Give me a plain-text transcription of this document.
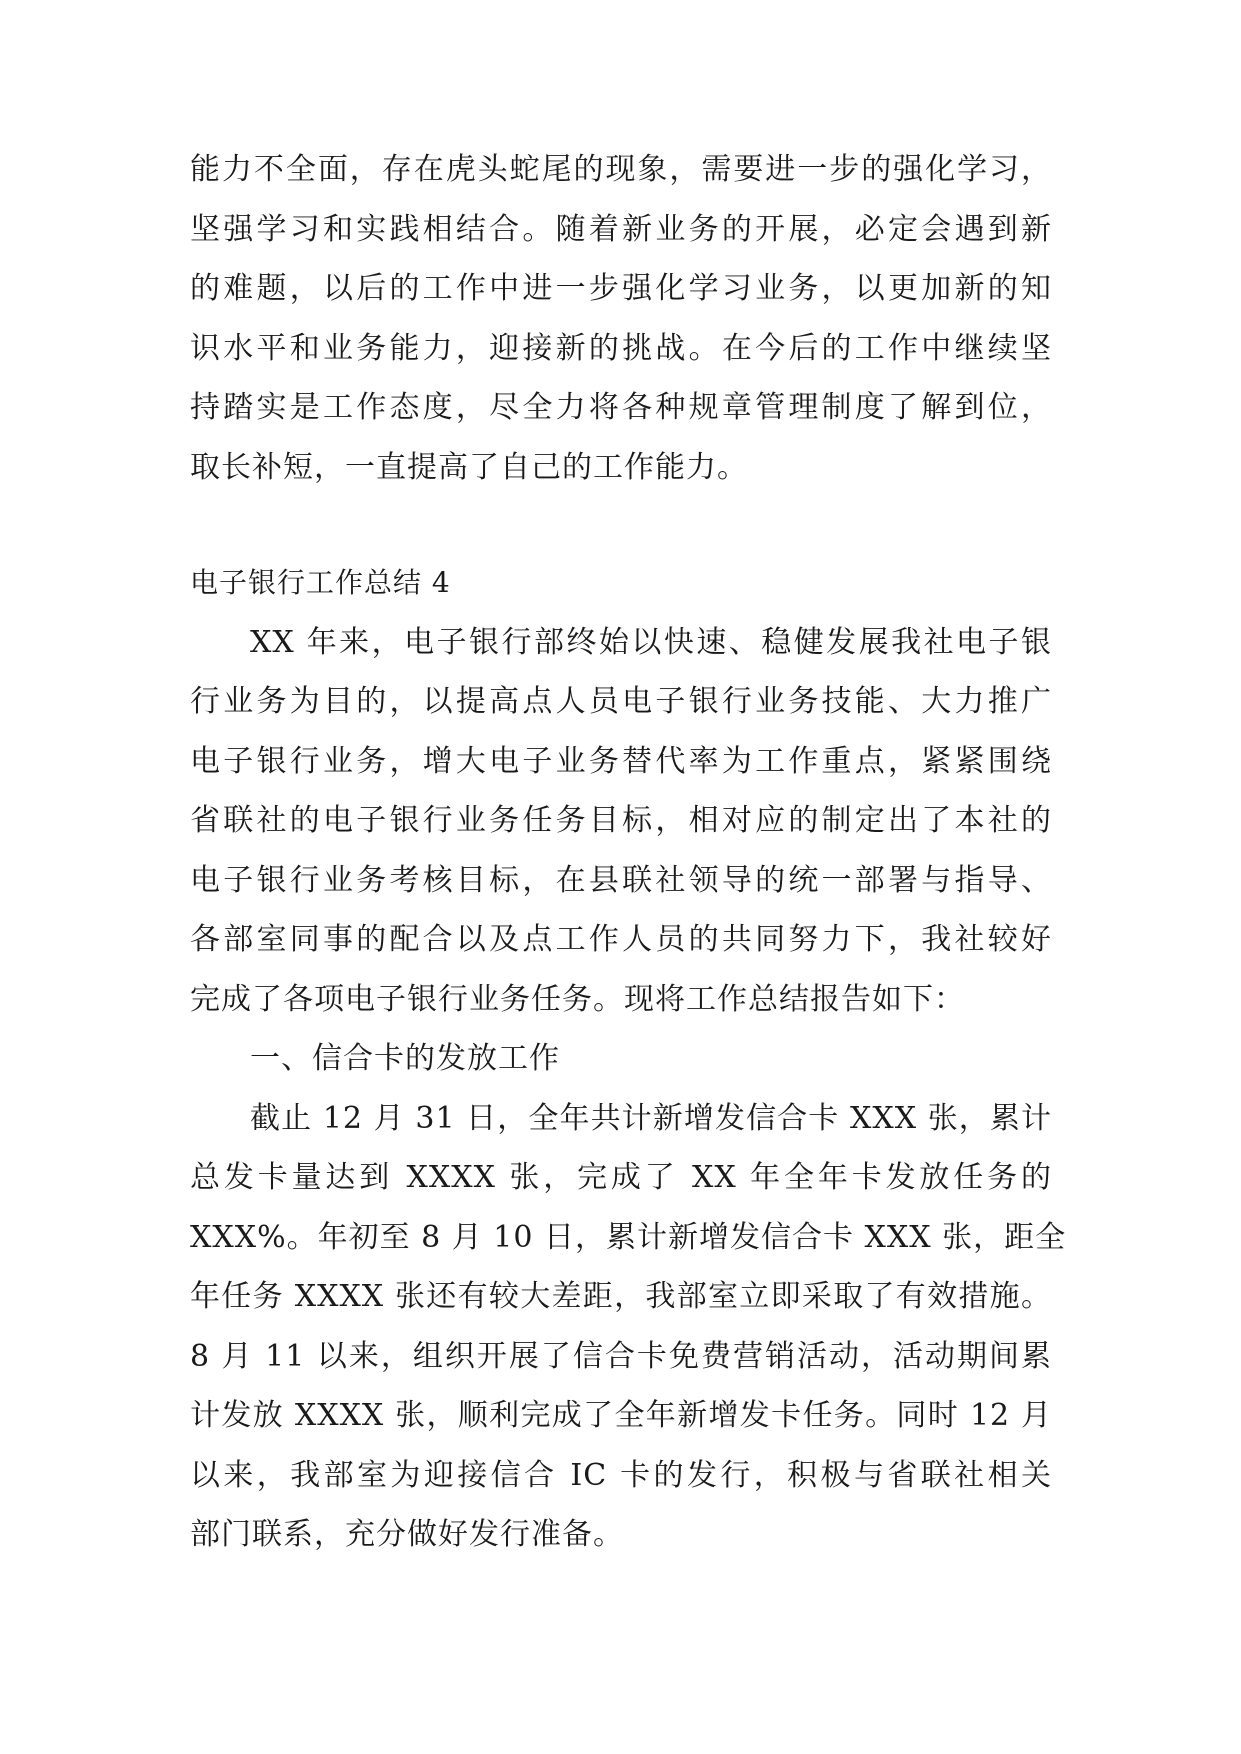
能力不全面，存在虎头蛇尾的现象，需要进一步的强化学习，
坚强学习和实践相结合。随着新业务的开展，必定会遇到新
的难题，以后的工作中进一步强化学习业务，以更加新的知
识水平和业务能力，迎接新的挑战。在今后的工作中继续坚
持踏实是工作态度，尽全力将各种规章管理制度了解到位，
取长补短，一直提高了自己的工作能力。

电子银行工作总结 4

XX 年来，电子银行部终始以快速、稳健发展我社电子银
行业务为目的，以提高点人员电子银行业务技能、大力推广
电子银行业务，增大电子业务替代率为工作重点，紧紧围绕
省联社的电子银行业务任务目标，相对应的制定出了本社的
电子银行业务考核目标，在县联社领导的统一部署与指导、
各部室同事的配合以及点工作人员的共同努力下，我社较好
完成了各项电子银行业务任务。现将工作总结报告如下：

一、信合卡的发放工作

截止 12 月 31 日，全年共计新增发信合卡 XXX 张，累计
总发卡量达到 XXXX 张，完成了 XX 年全年卡发放任务的
XXX%。年初至 8 月 10 日，累计新增发信合卡 XXX 张，距全
年任务 XXXX 张还有较大差距，我部室立即采取了有效措施。
8 月 11 以来，组织开展了信合卡免费营销活动，活动期间累
计发放 XXXX 张，顺利完成了全年新增发卡任务。同时 12 月
以来，我部室为迎接信合 IC 卡的发行，积极与省联社相关
部门联系，充分做好发行准备。
